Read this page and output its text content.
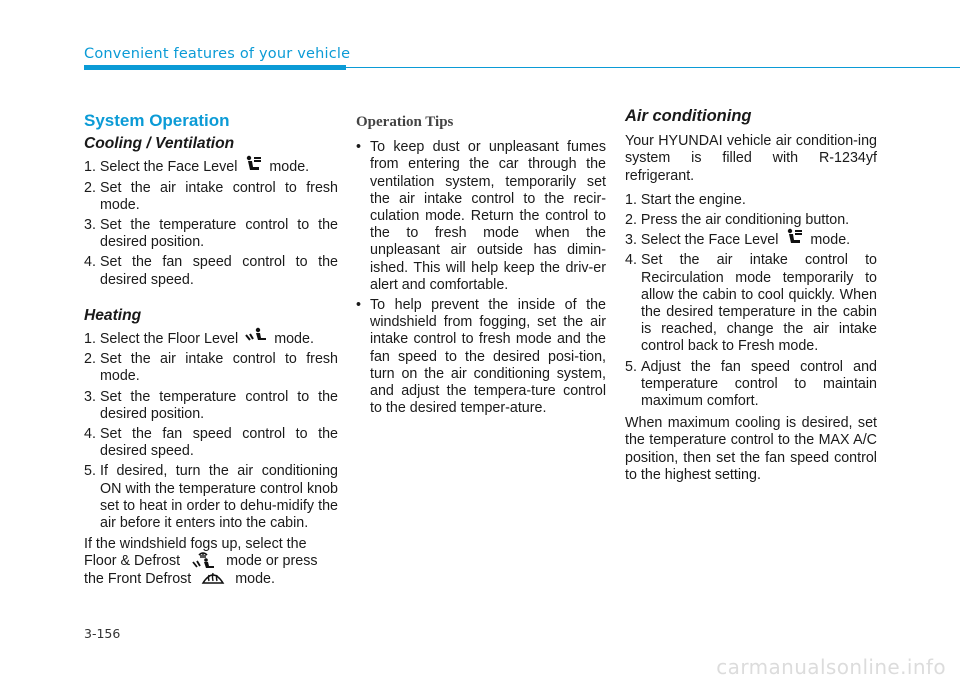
Convenient features of your vehicle
System Operation
Cooling / Ventilation
1. Select the Face Level mode.
2. Set the air intake control to fresh mode.
3. Set the temperature control to the desired position.
4. Set the fan speed control to the desired speed.
Heating
1. Select the Floor Level	mode.
2. Set the air intake control to fresh mode.
3. Set the temperature control to the desired position.
4. Set the fan speed control to the desired speed.
5. If desired, turn the air conditioning ON with the temperature control knob set to heat in order to dehu-midify the air before it enters into the cabin.
If the windshield fogs up, select the
Floor & Defrost	mode or press
the Front Defrost	mode.
Operation Tips
• To keep dust or unpleasant fumes from entering the car through the ventilation system, temporarily set the air intake control to the recir-culation mode. Return the control to the to fresh mode when the unpleasant air outside has dimin-ished. This will help keep the driv-er alert and comfortable.
• To help prevent the inside of the windshield from fogging, set the air intake control to fresh mode and the fan speed to the desired posi-tion, turn on the air conditioning system, and adjust the tempera-ture control to the desired temper-ature.
Air conditioning
Your HYUNDAI vehicle air condition-ing system is filled with R-1234yf refrigerant.
1. Start the engine.
2. Press the air conditioning button.
3. Select the Face Level mode.
4. Set the air intake control to Recirculation mode temporarily to allow the cabin to cool quickly. When the desired temperature in the cabin is reached, change the air intake control back to Fresh mode.
5. Adjust the fan speed control and temperature control to maintain maximum comfort.
When maximum cooling is desired, set the temperature control to the MAX A/C position, then set the fan speed control to the highest setting.
3-156
carmanualsonline.info
